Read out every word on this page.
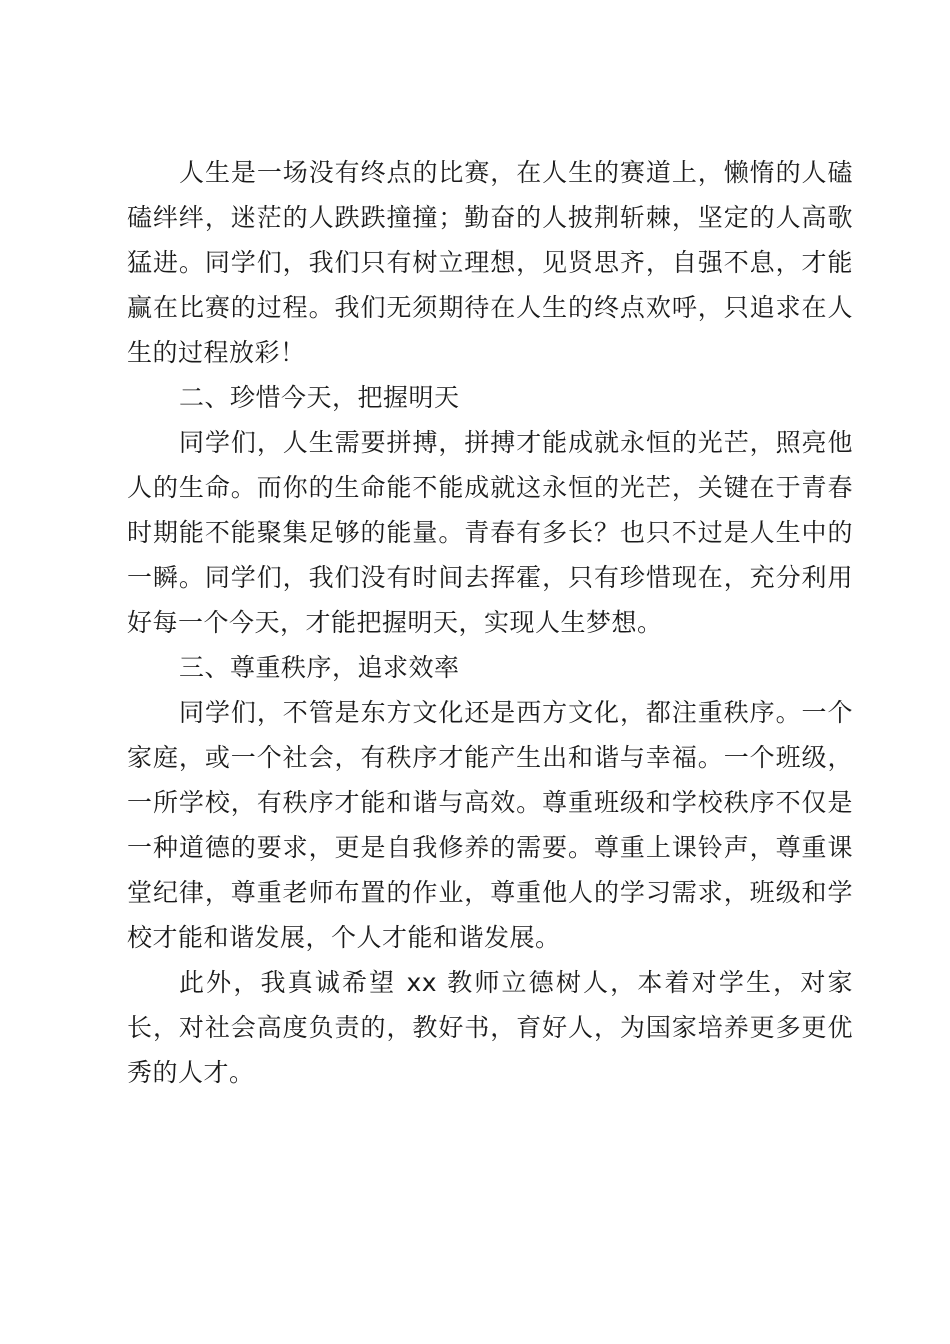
人生是一场没有终点的比赛，在人生的赛道上，懒惰的人磕磕绊绊，迷茫的人跌跌撞撞；勤奋的人披荆斩棘，坚定的人高歌猛进。同学们，我们只有树立理想，见贤思齐，自强不息，才能赢在比赛的过程。我们无须期待在人生的终点欢呼，只追求在人生的过程放彩！

二、珍惜今天，把握明天

同学们，人生需要拼搏，拼搏才能成就永恒的光芒，照亮他人的生命。而你的生命能不能成就这永恒的光芒，关键在于青春时期能不能聚集足够的能量。青春有多长？也只不过是人生中的一瞬。同学们，我们没有时间去挥霍，只有珍惜现在，充分利用好每一个今天，才能把握明天，实现人生梦想。

三、尊重秩序，追求效率

同学们，不管是东方文化还是西方文化，都注重秩序。一个家庭，或一个社会，有秩序才能产生出和谐与幸福。一个班级，一所学校，有秩序才能和谐与高效。尊重班级和学校秩序不仅是一种道德的要求，更是自我修养的需要。尊重上课铃声，尊重课堂纪律，尊重老师布置的作业，尊重他人的学习需求，班级和学校才能和谐发展，个人才能和谐发展。

此外，我真诚希望 xx 教师立德树人，本着对学生，对家长，对社会高度负责的，教好书，育好人，为国家培养更多更优秀的人才。
